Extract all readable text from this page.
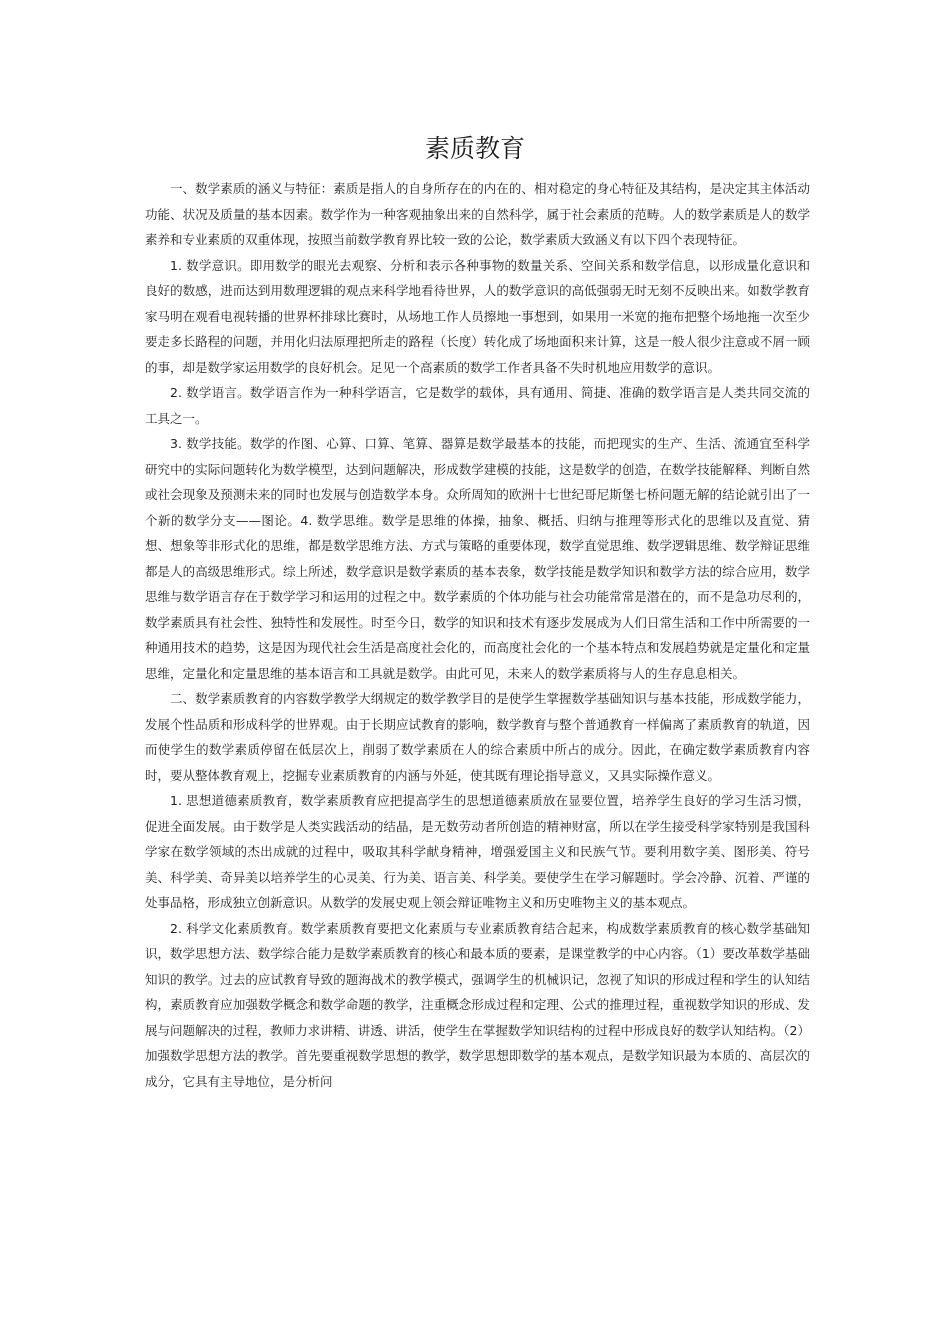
素质教育

一、数学素质的涵义与特征：素质是指人的自身所存在的内在的、相对稳定的身心特征及其结构，是决定其主体活动功能、状况及质量的基本因素。数学作为一种客观抽象出来的自然科学，属于社会素质的范畴。人的数学素质是人的数学素养和专业素质的双重体现，按照当前数学教育界比较一致的公论，数学素质大致涵义有以下四个表现特征。

1. 数学意识。即用数学的眼光去观察、分析和表示各种事物的数量关系、空间关系和数学信息，以形成量化意识和良好的数感，进而达到用数理逻辑的观点来科学地看待世界，人的数学意识的高低强弱无时无刻不反映出来。如数学教育家马明在观看电视转播的世界杯排球比赛时，从场地工作人员擦地一事想到，如果用一米宽的拖布把整个场地拖一次至少要走多长路程的问题，并用化归法原理把所走的路程（长度）转化成了场地面积来计算，这是一般人很少注意或不屑一顾的事，却是数学家运用数学的良好机会。足见一个高素质的数学工作者具备不失时机地应用数学的意识。

2. 数学语言。数学语言作为一种科学语言，它是数学的载体，具有通用、简捷、准确的数学语言是人类共同交流的工具之一。

3. 数学技能。数学的作图、心算、口算、笔算、器算是数学最基本的技能，而把现实的生产、生活、流通宜至科学研究中的实际问题转化为数学模型，达到问题解决，形成数学建模的技能，这是数学的创造，在数学技能解释、判断自然或社会现象及预测未来的同时也发展与创造数学本身。众所周知的欧洲十七世纪哥尼斯堡七桥问题无解的结论就引出了一个新的数学分支——图论。4. 数学思维。数学是思维的体操，抽象、概括、归纳与推理等形式化的思维以及直觉、猜想、想象等非形式化的思维，都是数学思维方法、方式与策略的重要体现，数学直觉思维、数学逻辑思维、数学辩证思维都是人的高级思维形式。综上所述，数学意识是数学素质的基本表象，数学技能是数学知识和数学方法的综合应用，数学思维与数学语言存在于数学学习和运用的过程之中。数学素质的个体功能与社会功能常常是潜在的，而不是急功尽利的，数学素质具有社会性、独特性和发展性。时至今日，数学的知识和技术有逐步发展成为人们日常生活和工作中所需要的一种通用技术的趋势，这是因为现代社会生活是高度社会化的，而高度社会化的一个基本特点和发展趋势就是定量化和定量思维，定量化和定量思维的基本语言和工具就是数学。由此可见，未来人的数学素质将与人的生存息息相关。

二、数学素质教育的内容数学教学大纲规定的数学教学目的是使学生掌握数学基础知识与基本技能，形成数学能力，发展个性品质和形成科学的世界观。由于长期应试教育的影响，数学教育与整个普通教育一样偏离了素质教育的轨道，因而使学生的数学素质停留在低层次上，削弱了数学素质在人的综合素质中所占的成分。因此，在确定数学素质教育内容时，要从整体教育观上，挖掘专业素质教育的内涵与外延，使其既有理论指导意义，又具实际操作意义。

1. 思想道德素质教育，数学素质教育应把提高学生的思想道德素质放在显要位置，培养学生良好的学习生活习惯，促进全面发展。由于数学是人类实践活动的结晶，是无数劳动者所创造的精神财富，所以在学生接受科学家特别是我国科学家在数学领域的杰出成就的过程中，吸取其科学献身精神，增强爱国主义和民族气节。要利用数字美、图形美、符号美、科学美、奇异美以培养学生的心灵美、行为美、语言美、科学美。要使学生在学习解题时。学会冷静、沉着、严谨的处事品格，形成独立创新意识。从数学的发展史观上领会辩证唯物主义和历史唯物主义的基本观点。

2. 科学文化素质教育。数学素质教育要把文化素质与专业素质教育结合起来，构成数学素质教育的核心数学基础知识，数学思想方法、数学综合能力是数学素质教育的核心和最本质的要素，是课堂教学的中心内容。（1）要改革数学基础知识的教学。过去的应试教育导致的题海战术的教学模式，强调学生的机械识记，忽视了知识的形成过程和学生的认知结构，素质教育应加强数学概念和数学命题的教学，注重概念形成过程和定理、公式的推理过程，重视数学知识的形成、发展与问题解决的过程，教师力求讲精、讲透、讲活，使学生在掌握数学知识结构的过程中形成良好的数学认知结构。（2）加强数学思想方法的教学。首先要重视数学思想的教学，数学思想即数学的基本观点，是数学知识最为本质的、高层次的成分，它具有主导地位，是分析问
